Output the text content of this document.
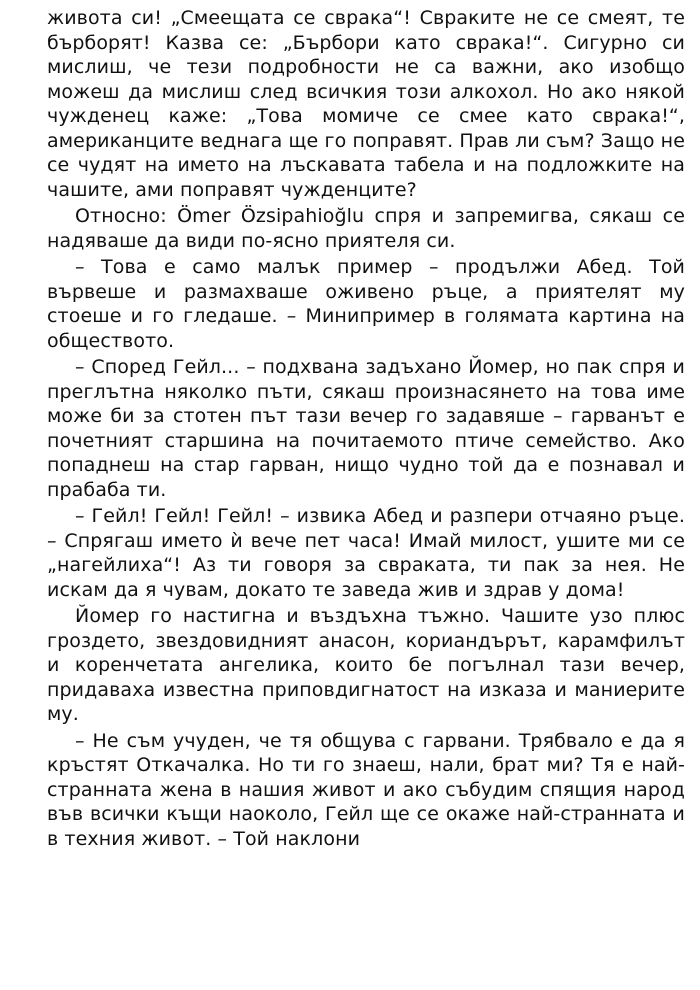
живота си! „Смеещата се сврака“! Свраките не се смеят, те бърборят! Казва се: „Бърбори като сврака!“. Сигурно си мислиш, че тези подробности не са важни, ако изобщо можеш да мислиш след всичкия този алкохол. Но ако някой чужденец каже: „Това момиче се смее като сврака!“, американците веднага ще го поправят. Прав ли съм? Защо не се чудят на името на лъскавата табела и на подложките на чашите, ами поправят чужденците?

Относно: Ömer Özsipahioğlu спря и запремигва, сякаш се надяваше да види по-ясно приятеля си.

– Това е само малък пример – продължи Абед. Той вървеше и размахваше оживено ръце, а приятелят му стоеше и го гледаше. – Минипример в голямата картина на обществото.

– Според Гейл... – подхвана задъхано Йомер, но пак спря и преглътна няколко пъти, сякаш произнасянето на това име може би за стотен път тази вечер го задавяше – гарванът е почетният старшина на почитаемото птиче семейство. Ако попаднеш на стар гарван, нищо чудно той да е познавал и прабаба ти.

– Гейл! Гейл! Гейл! – извика Абед и разпери отчаяно ръце. – Спрягаш името ѝ вече пет часа! Имай милост, ушите ми се „нагейлиха“! Аз ти говоря за свраката, ти пак за нея. Не искам да я чувам, докато те заведа жив и здрав у дома!

Йомер го настигна и въздъхна тъжно. Чашите узо плюс гроздето, звездовидният анасон, кориандърът, карамфилът и коренчетата ангелика, които бе погълнал тази вечер, придаваха известна приповдигнатост на изказа и маниерите му.

– Не съм учуден, че тя общува с гарвани. Трябвало е да я кръстят Откачалка. Но ти го знаеш, нали, брат ми? Тя е най-странната жена в нашия живот и ако събудим спящия народ във всички къщи наоколо, Гейл ще се окаже най-странната и в техния живот. – Той наклони
